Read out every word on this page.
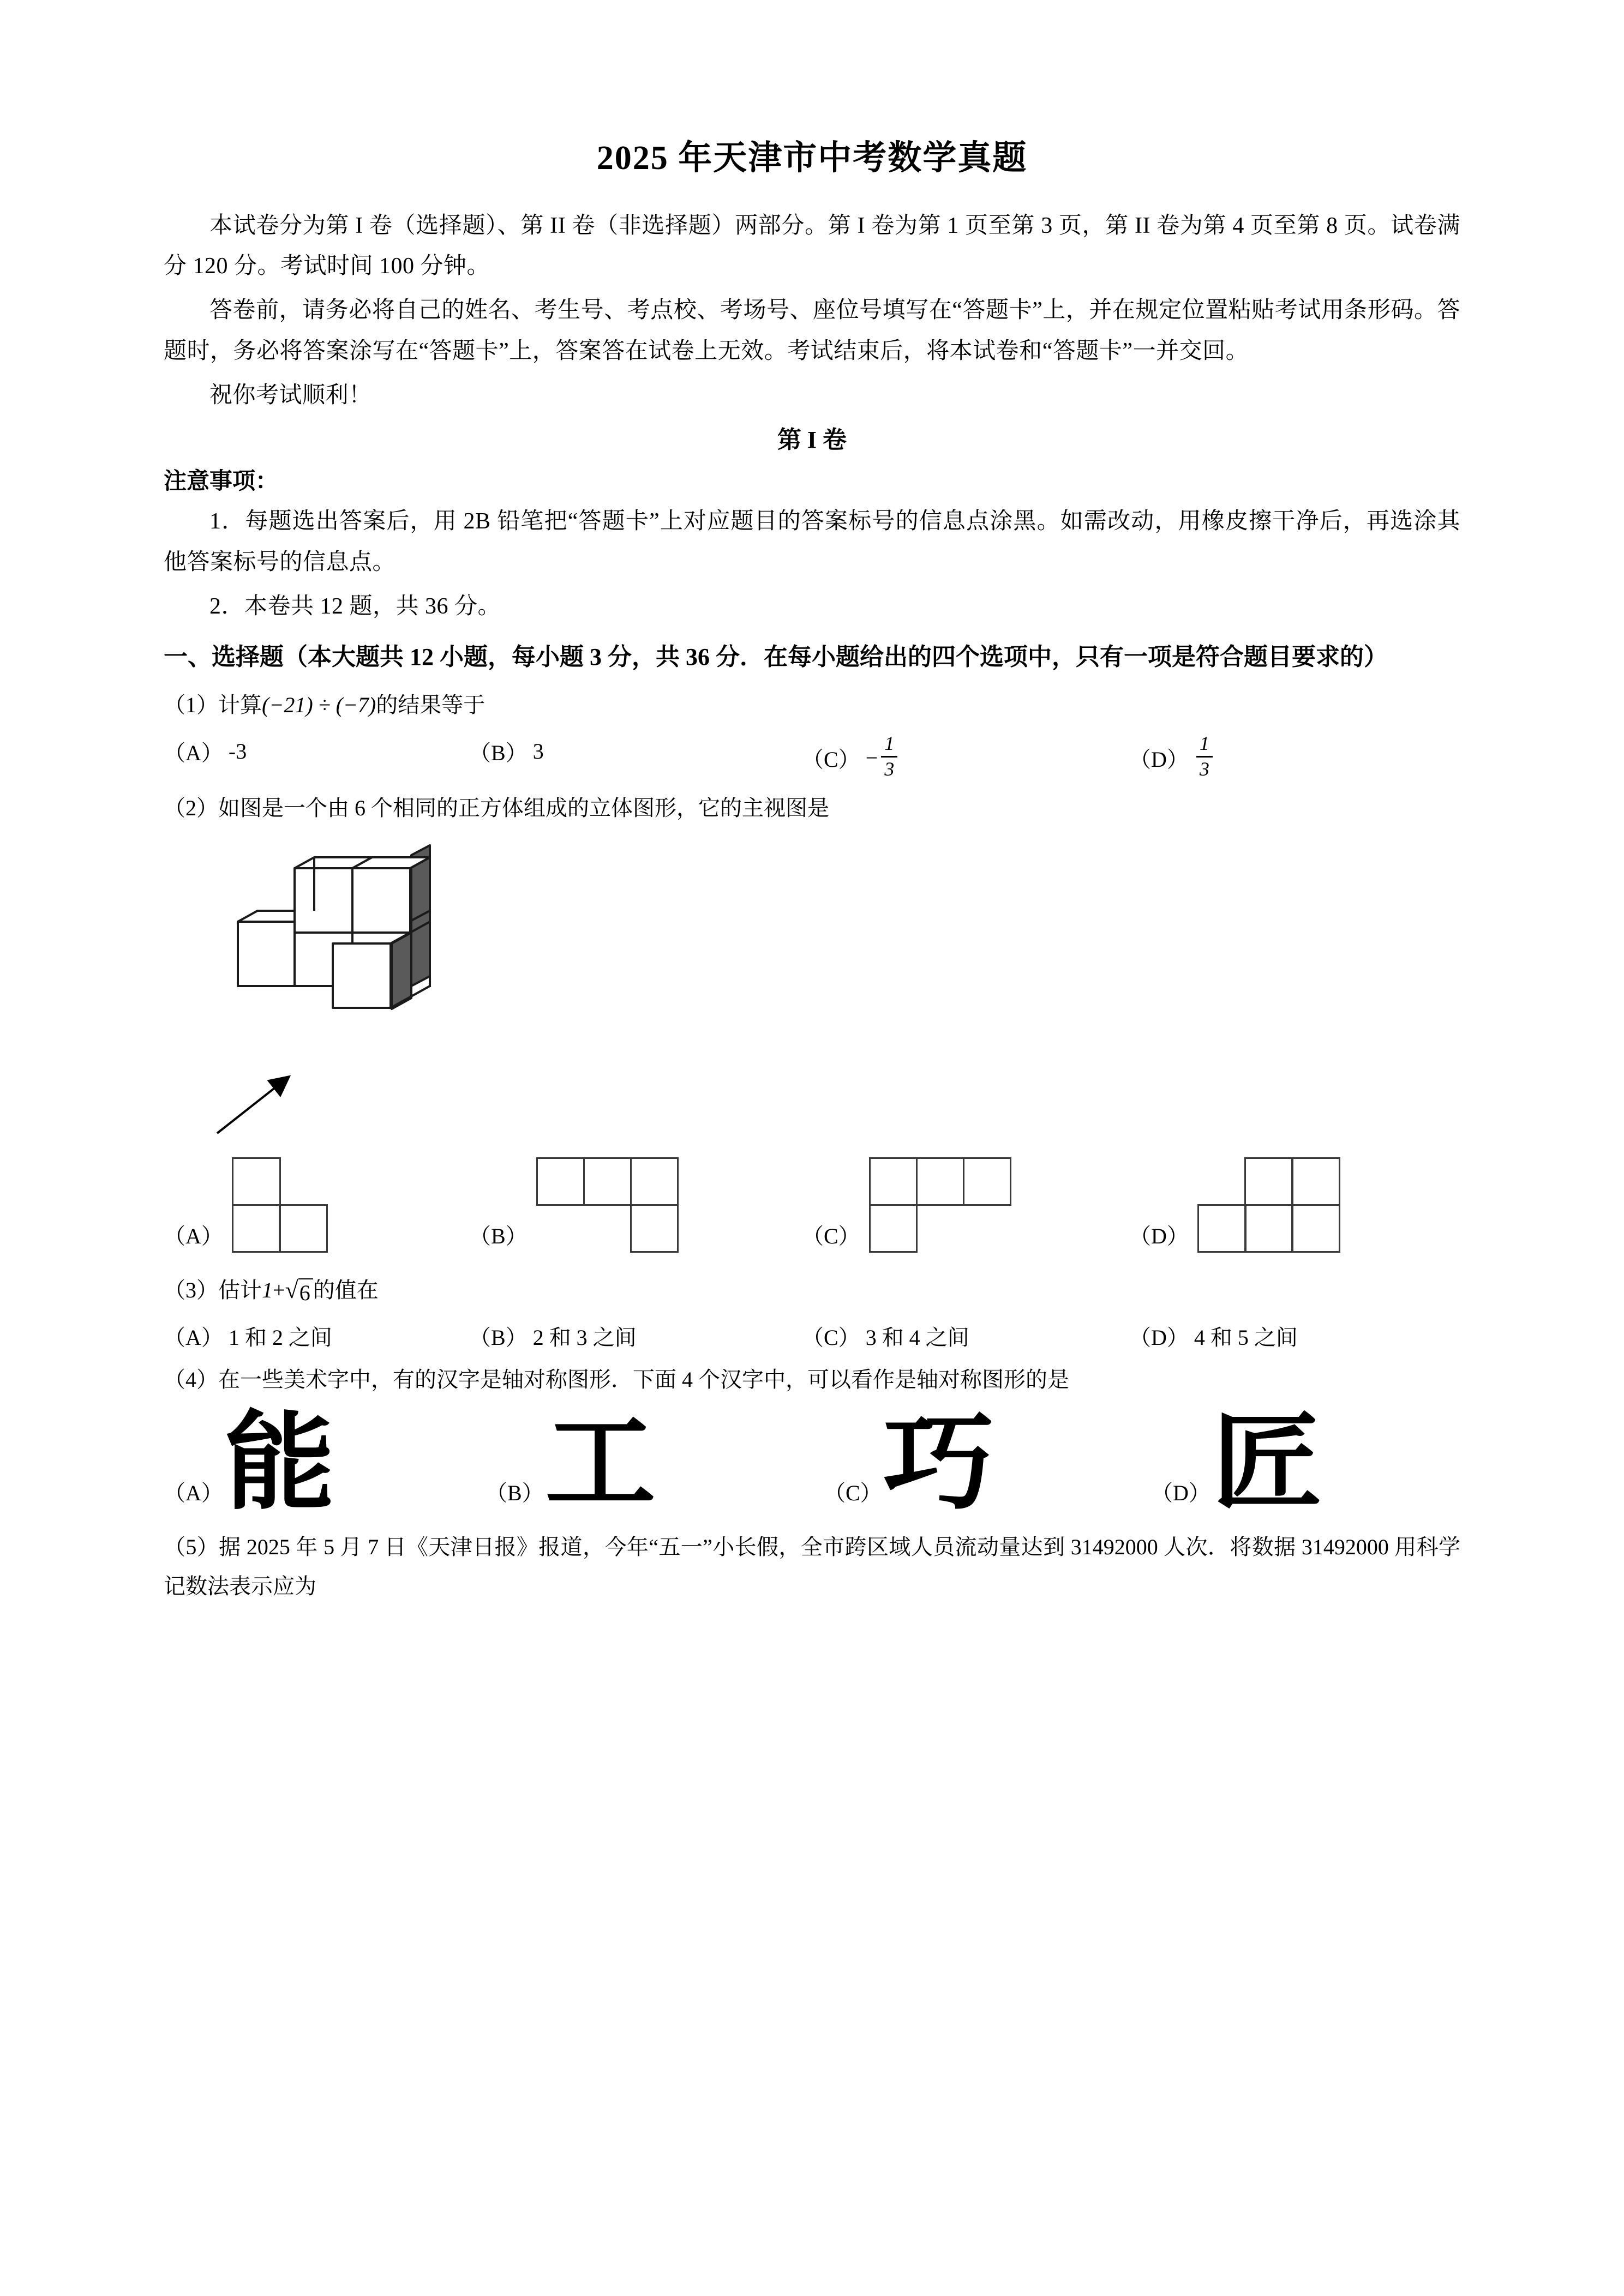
2025 年天津市中考数学真题

本试卷分为第 I 卷（选择题）、第 II 卷（非选择题）两部分。第 I 卷为第 1 页至第 3 页，第 II 卷为第 4 页至第 8 页。试卷满分 120 分。考试时间 100 分钟。

答卷前，请务必将自己的姓名、考生号、考点校、考场号、座位号填写在“答题卡”上，并在规定位置粘贴考试用条形码。答题时，务必将答案涂写在“答题卡”上，答案答在试卷上无效。考试结束后，将本试卷和“答题卡”一并交回。

祝你考试顺利！

第 I 卷
注意事项：

1．每题选出答案后，用 2B 铅笔把“答题卡”上对应题目的答案标号的信息点涂黑。如需改动，用橡皮擦干净后，再选涂其他答案标号的信息点。

2．本卷共 12 题，共 36 分。

一、选择题（本大题共 12 小题，每小题 3 分，共 36 分．在每小题给出的四个选项中，只有一项是符合题目要求的）
（1）计算(−21) ÷ (−7)的结果等于
（A） -3	（B） 3	$(C) - \frac{1}{3}$	$(D) \frac{1}{3}$
（2）如图是一个由 6 个相同的正方体组成的立体图形，它的主视图是
（A）	（B）	（C）	（D）
（3）估计1+ √ 6 的值在
（A） 1 和 2 之间	（B） 2 和 3 之间	（C） 3 和 4 之间	（D） 4 和 5 之间
（4）在一些美术字中，有的汉字是轴对称图形．下面 4 个汉字中，可以看作是轴对称图形的是
（A） 能	（B） 工	（C） 巧	（D） 匠
（5）据 2025 年 5 月 7 日《天津日报》报道，今年“五一”小长假，全市跨区域人员流动量达到 31492000 人次．将数据 31492000 用科学记数法表示应为
